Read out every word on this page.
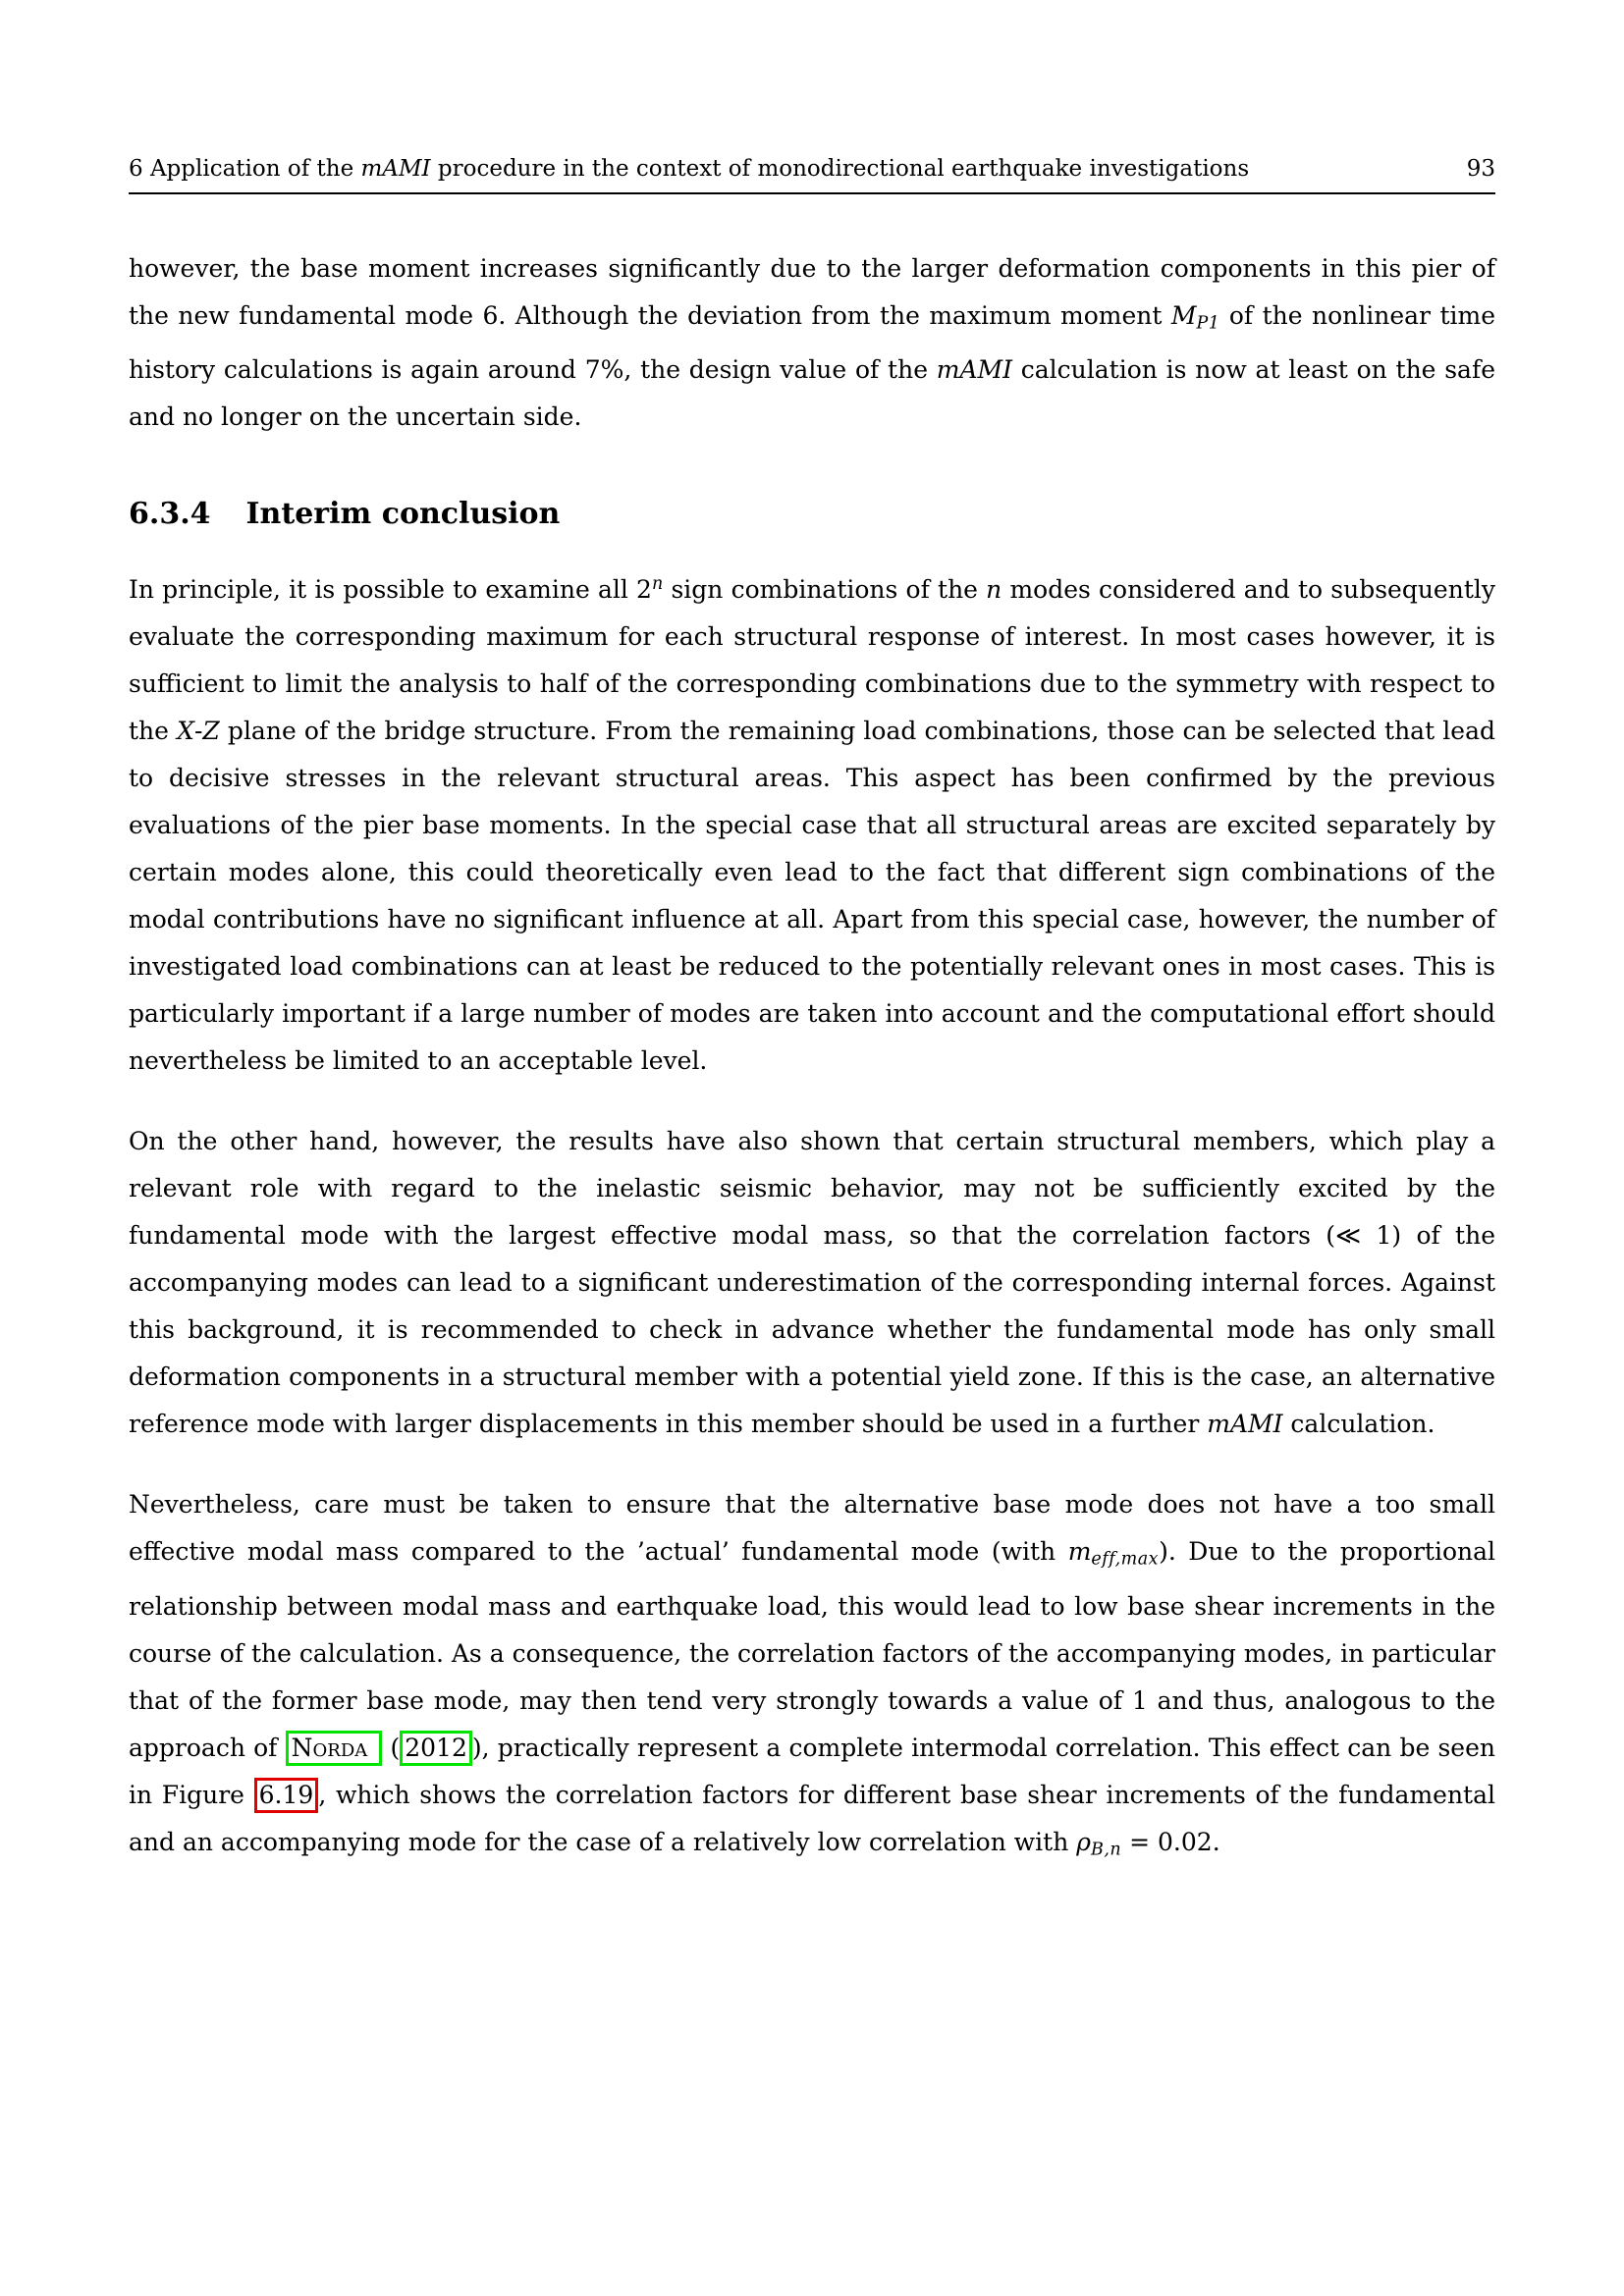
6 Application of the mAMI procedure in the context of monodirectional earthquake investigations	93

however, the base moment increases significantly due to the larger deformation components in this pier of the new fundamental mode 6. Although the deviation from the maximum moment MP1 of the nonlinear time history calculations is again around 7%, the design value of the mAMI calculation is now at least on the safe and no longer on the uncertain side.

6.3.4 Interim conclusion

In principle, it is possible to examine all 2$^n$ sign combinations of the n modes considered and to subsequently evaluate the corresponding maximum for each structural response of interest. In most cases however, it is sufficient to limit the analysis to half of the corresponding combinations due to the symmetry with respect to the X-Z plane of the bridge structure. From the remaining load combinations, those can be selected that lead to decisive stresses in the relevant structural areas. This aspect has been confirmed by the previous evaluations of the pier base moments. In the special case that all structural areas are excited separately by certain modes alone, this could theoretically even lead to the fact that different sign combinations of the modal contributions have no significant influence at all. Apart from this special case, however, the number of investigated load combinations can at least be reduced to the potentially relevant ones in most cases. This is particularly important if a large number of modes are taken into account and the computational effort should nevertheless be limited to an acceptable level.

On the other hand, however, the results have also shown that certain structural members, which play a relevant role with regard to the inelastic seismic behavior, may not be sufficiently excited by the fundamental mode with the largest effective modal mass, so that the correlation factors (≪ 1) of the accompanying modes can lead to a significant underestimation of the corresponding internal forces. Against this background, it is recommended to check in advance whether the fundamental mode has only small deformation components in a structural member with a potential yield zone. If this is the case, an alternative reference mode with larger displacements in this member should be used in a further mAMI calculation.

Nevertheless, care must be taken to ensure that the alternative base mode does not have a too small effective modal mass compared to the ’actual’ fundamental mode (with meff,max). Due to the proportional relationship between modal mass and earthquake load, this would lead to low base shear increments in the course of the calculation. As a consequence, the correlation factors of the accompanying modes, in particular that of the former base mode, may then tend very strongly towards a value of 1 and thus, analogous to the approach of Norda ( 2012 ), practically represent a complete intermodal correlation. This effect can be seen in Figure 6.19 , which shows the correlation factors for different base shear increments of the fundamental and an accompanying mode for the case of a relatively low correlation with ρB,n = 0.02.
